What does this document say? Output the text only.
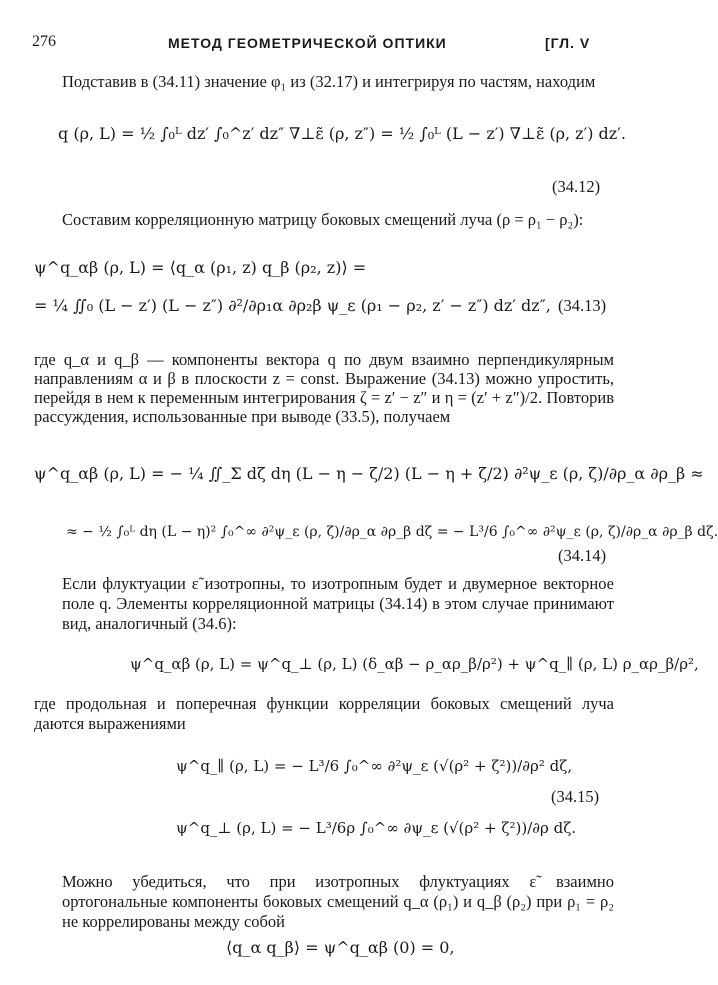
276	МЕТОД ГЕОМЕТРИЧЕСКОЙ ОПТИКИ	[ГЛ. V
Подставив в (34.11) значение φ₁ из (32.17) и интегрируя по частям, находим
q (ρ, L) = ½ ∫₀ᴸ dz′ ∫₀^z′ dz″ ∇⊥ε̃ (ρ, z″) = ½ ∫₀ᴸ (L − z′) ∇⊥ε̃ (ρ, z′) dz′.
(34.12)
Составим корреляционную матрицу боковых смещений луча (ρ = ρ₁ − ρ₂):
ψ^q_αβ (ρ, L) = ⟨q_α (ρ₁, z) q_β (ρ₂, z)⟩ =
= ¼ ∬₀ (L − z′) (L − z″) ∂²/∂ρ₁α ∂ρ₂β ψ_ε (ρ₁ − ρ₂, z′ − z″) dz′ dz″, (34.13)
где q_α и q_β — компоненты вектора q по двум взаимно перпендикулярным направлениям α и β в плоскости z = const. Выражение (34.13) можно упростить, перейдя в нем к переменным интегрирования ζ = z′ − z″ и η = (z′ + z″)/2. Повторив рассуждения, использованные при выводе (33.5), получаем
ψ^q_αβ (ρ, L) = − ¼ ∬_Σ dζ dη (L − η − ζ/2) (L − η + ζ/2) ∂²ψ_ε (ρ, ζ)/∂ρ_α ∂ρ_β ≈
≈ − ½ ∫₀ᴸ dη (L − η)² ∫₀^∞ ∂²ψ_ε (ρ, ζ)/∂ρ_α ∂ρ_β dζ = − L³/6 ∫₀^∞ ∂²ψ_ε (ρ, ζ)/∂ρ_α ∂ρ_β dζ.
(34.14)
Если флуктуации ε̃ изотропны, то изотропным будет и двумерное векторное поле q. Элементы корреляционной матрицы (34.14) в этом случае принимают вид, аналогичный (34.6):
ψ^q_αβ (ρ, L) = ψ^q_⊥ (ρ, L) (δ_αβ − ρ_αρ_β/ρ²) + ψ^q_∥ (ρ, L) ρ_αρ_β/ρ²,
где продольная и поперечная функции корреляции боковых смещений луча даются выражениями
ψ^q_∥ (ρ, L) = − L³/6 ∫₀^∞ ∂²ψ_ε (√(ρ² + ζ²))/∂ρ² dζ,
ψ^q_⊥ (ρ, L) = − L³/6ρ ∫₀^∞ ∂ψ_ε (√(ρ² + ζ²))/∂ρ dζ.
(34.15)
Можно убедиться, что при изотропных флуктуациях ε̃ взаимно ортогональные компоненты боковых смещений q_α (ρ₁) и q_β (ρ₂) при ρ₁ = ρ₂ не коррелированы между собой
⟨q_α q_β⟩ = ψ^q_αβ (0) = 0,
